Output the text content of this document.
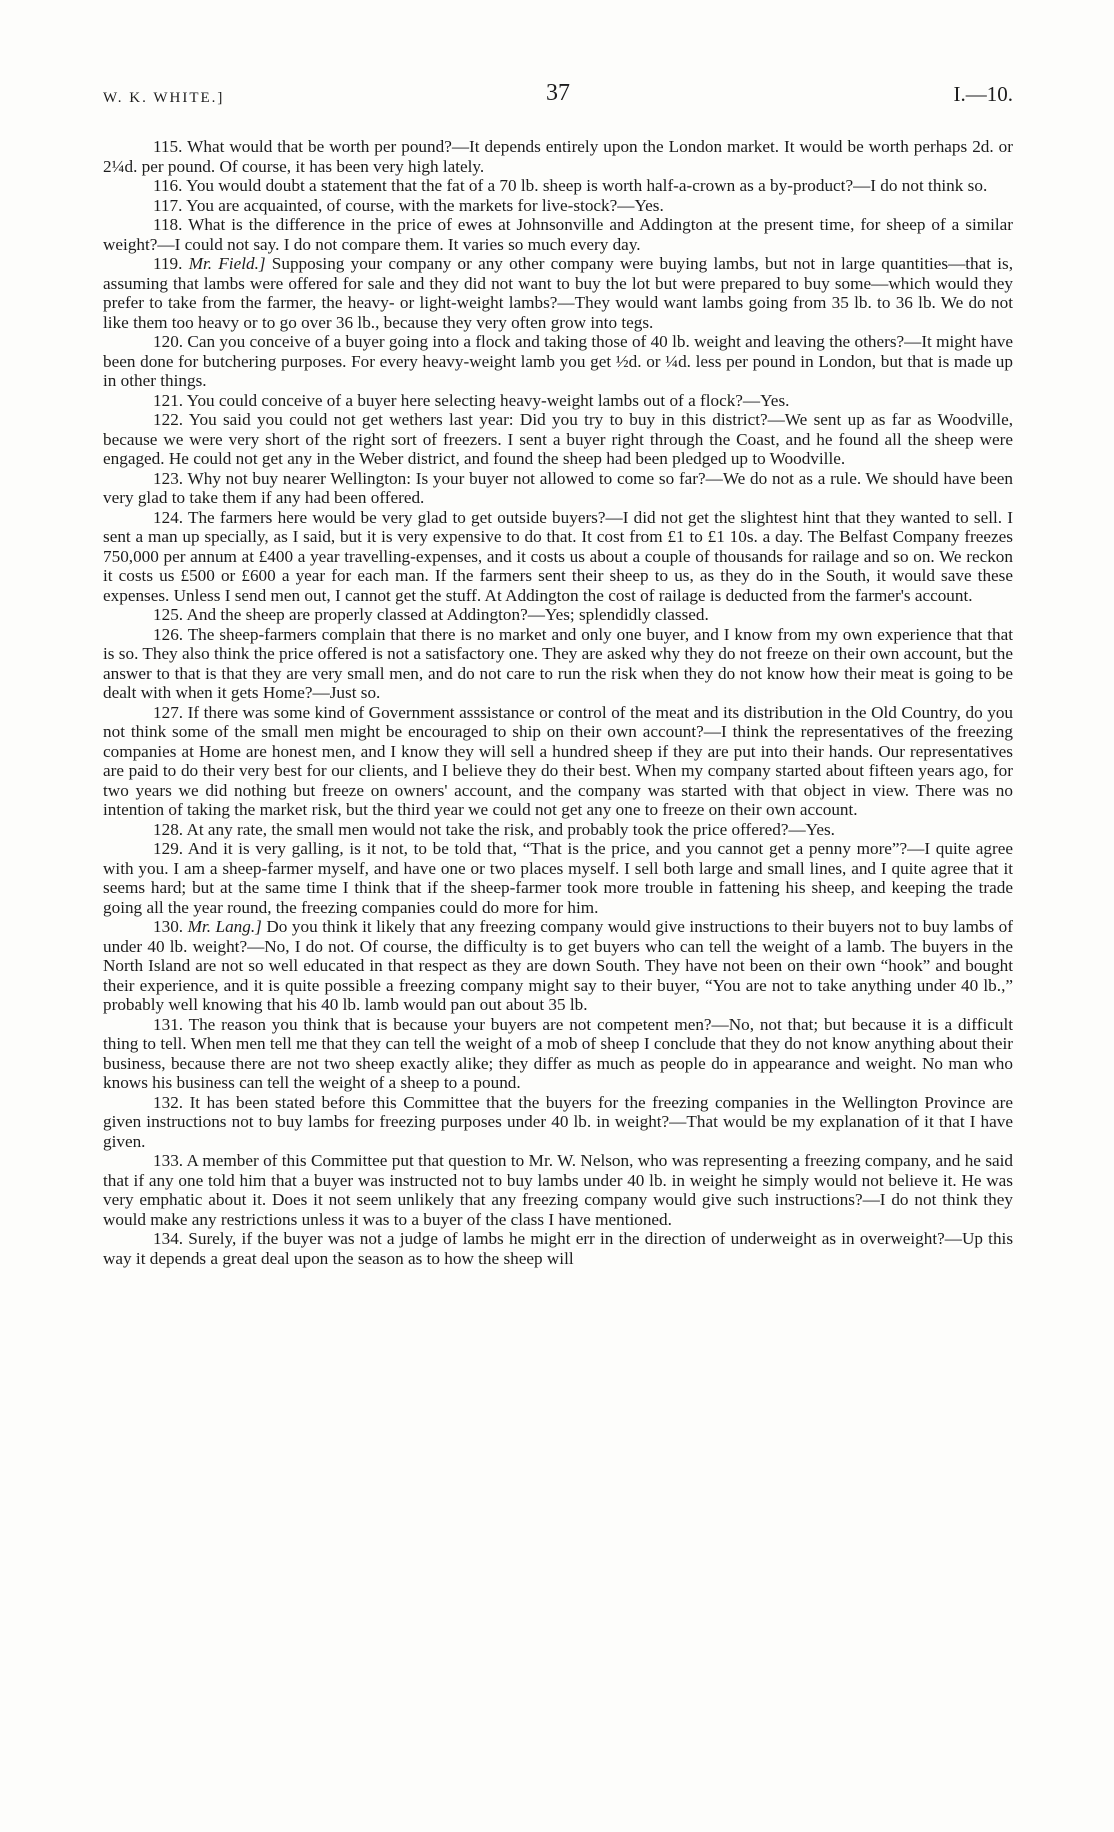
W. K. WHITE.]	37	I.—10.

115. What would that be worth per pound?—It depends entirely upon the London market. It would be worth perhaps 2d. or 2¼d. per pound. Of course, it has been very high lately.

116. You would doubt a statement that the fat of a 70 lb. sheep is worth half-a-crown as a by-product?—I do not think so.

117. You are acquainted, of course, with the markets for live-stock?—Yes.

118. What is the difference in the price of ewes at Johnsonville and Addington at the present time, for sheep of a similar weight?—I could not say. I do not compare them. It varies so much every day.

119. Mr. Field.] Supposing your company or any other company were buying lambs, but not in large quantities—that is, assuming that lambs were offered for sale and they did not want to buy the lot but were prepared to buy some—which would they prefer to take from the farmer, the heavy- or light-weight lambs?—They would want lambs going from 35 lb. to 36 lb. We do not like them too heavy or to go over 36 lb., because they very often grow into tegs.

120. Can you conceive of a buyer going into a flock and taking those of 40 lb. weight and leaving the others?—It might have been done for butchering purposes. For every heavy-weight lamb you get ½d. or ¼d. less per pound in London, but that is made up in other things.

121. You could conceive of a buyer here selecting heavy-weight lambs out of a flock?—Yes.

122. You said you could not get wethers last year: Did you try to buy in this district?—We sent up as far as Woodville, because we were very short of the right sort of freezers. I sent a buyer right through the Coast, and he found all the sheep were engaged. He could not get any in the Weber district, and found the sheep had been pledged up to Woodville.

123. Why not buy nearer Wellington: Is your buyer not allowed to come so far?—We do not as a rule. We should have been very glad to take them if any had been offered.

124. The farmers here would be very glad to get outside buyers?—I did not get the slightest hint that they wanted to sell. I sent a man up specially, as I said, but it is very expensive to do that. It cost from £1 to £1 10s. a day. The Belfast Company freezes 750,000 per annum at £400 a year travelling-expenses, and it costs us about a couple of thousands for railage and so on. We reckon it costs us £500 or £600 a year for each man. If the farmers sent their sheep to us, as they do in the South, it would save these expenses. Unless I send men out, I cannot get the stuff. At Addington the cost of railage is deducted from the farmer's account.

125. And the sheep are properly classed at Addington?—Yes; splendidly classed.

126. The sheep-farmers complain that there is no market and only one buyer, and I know from my own experience that that is so. They also think the price offered is not a satisfactory one. They are asked why they do not freeze on their own account, but the answer to that is that they are very small men, and do not care to run the risk when they do not know how their meat is going to be dealt with when it gets Home?—Just so.

127. If there was some kind of Government asssistance or control of the meat and its distribution in the Old Country, do you not think some of the small men might be encouraged to ship on their own account?—I think the representatives of the freezing companies at Home are honest men, and I know they will sell a hundred sheep if they are put into their hands. Our representatives are paid to do their very best for our clients, and I believe they do their best. When my company started about fifteen years ago, for two years we did nothing but freeze on owners' account, and the company was started with that object in view. There was no intention of taking the market risk, but the third year we could not get any one to freeze on their own account.

128. At any rate, the small men would not take the risk, and probably took the price offered?—Yes.

129. And it is very galling, is it not, to be told that, “That is the price, and you cannot get a penny more”?—I quite agree with you. I am a sheep-farmer myself, and have one or two places myself. I sell both large and small lines, and I quite agree that it seems hard; but at the same time I think that if the sheep-farmer took more trouble in fattening his sheep, and keeping the trade going all the year round, the freezing companies could do more for him.

130. Mr. Lang.] Do you think it likely that any freezing company would give instructions to their buyers not to buy lambs of under 40 lb. weight?—No, I do not. Of course, the difficulty is to get buyers who can tell the weight of a lamb. The buyers in the North Island are not so well educated in that respect as they are down South. They have not been on their own “hook” and bought their experience, and it is quite possible a freezing company might say to their buyer, “You are not to take anything under 40 lb.,” probably well knowing that his 40 lb. lamb would pan out about 35 lb.

131. The reason you think that is because your buyers are not competent men?—No, not that; but because it is a difficult thing to tell. When men tell me that they can tell the weight of a mob of sheep I conclude that they do not know anything about their business, because there are not two sheep exactly alike; they differ as much as people do in appearance and weight. No man who knows his business can tell the weight of a sheep to a pound.

132. It has been stated before this Committee that the buyers for the freezing companies in the Wellington Province are given instructions not to buy lambs for freezing purposes under 40 lb. in weight?—That would be my explanation of it that I have given.

133. A member of this Committee put that question to Mr. W. Nelson, who was representing a freezing company, and he said that if any one told him that a buyer was instructed not to buy lambs under 40 lb. in weight he simply would not believe it. He was very emphatic about it. Does it not seem unlikely that any freezing company would give such instructions?—I do not think they would make any restrictions unless it was to a buyer of the class I have mentioned.

134. Surely, if the buyer was not a judge of lambs he might err in the direction of underweight as in overweight?—Up this way it depends a great deal upon the season as to how the sheep will
